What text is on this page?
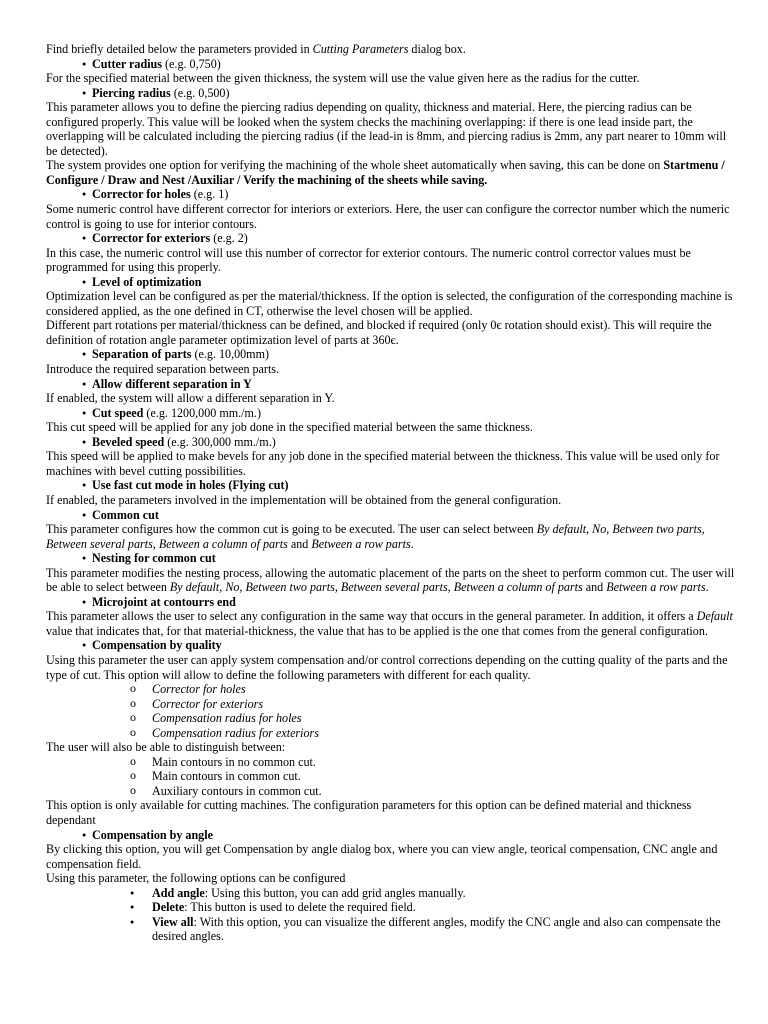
Find briefly detailed below the parameters provided in Cutting Parameters dialog box.

● Cutter radius (e.g. 0,750)

For the specified material between the given thickness, the system will use the value given here as the radius for the cutter.

● Piercing radius (e.g. 0,500)

This parameter allows you to define the piercing radius depending on quality, thickness and material. Here, the piercing radius can be configured properly. This value will be looked when the system checks the machining overlapping: if there is one lead inside part, the overlapping will be calculated including the piercing radius (if the lead-in is 8mm, and piercing radius is 2mm, any part nearer to 10mm will be detected).

The system provides one option for verifying the machining of the whole sheet automatically when saving, this can be done on Startmenu / Configure / Draw and Nest /Auxiliar / Verify the machining of the sheets while saving.

● Corrector for holes (e.g. 1)

Some numeric control have different corrector for interiors or exteriors. Here, the user can configure the corrector number which the numeric control is going to use for interior contours.

● Corrector for exteriors (e.g. 2)

In this case, the numeric control will use this number of corrector for exterior contours. The numeric control corrector values must be programmed for using this properly.

● Level of optimization

Optimization level can be configured as per the material/thickness. If the option is selected, the configuration of the corresponding machine is considered applied, as the one defined in CT, otherwise the level chosen will be applied.

Different part rotations per material/thickness can be defined, and blocked if required (only 0є rotation should exist). This will require the definition of rotation angle parameter optimization level of parts at 360є.

● Separation of parts (e.g. 10,00mm)

Introduce the required separation between parts.

● Allow different separation in Y

If enabled, the system will allow a different separation in Y.

● Cut speed (e.g. 1200,000 mm./m.)

This cut speed will be applied for any job done in the specified material between the same thickness.

● Beveled speed (e.g. 300,000 mm./m.)

This speed will be applied to make bevels for any job done in the specified material between the thickness. This value will be used only for machines with bevel cutting possibilities.

● Use fast cut mode in holes (Flying cut)

If enabled, the parameters involved in the implementation will be obtained from the general configuration.

● Common cut

This parameter configures how the common cut is going to be executed. The user can select between By default, No, Between two parts, Between several parts, Between a column of parts and Between a row parts.

● Nesting for common cut

This parameter modifies the nesting process, allowing the automatic placement of the parts on the sheet to perform common cut. The user will be able to select between By default, No, Between two parts, Between several parts, Between a column of parts and Between a row parts.

● Microjoint at contourrs end

This parameter allows the user to select any configuration in the same way that occurs in the general parameter. In addition, it offers a Default value that indicates that, for that material-thickness, the value that has to be applied is the one that comes from the general configuration.

● Compensation by quality

Using this parameter the user can apply system compensation and/or control corrections depending on the cutting quality of the parts and the type of cut. This option will allow to define the following parameters with different for each quality.

o Corrector for holes

o Corrector for exteriors

o Compensation radius for holes

o Compensation radius for exteriors

The user will also be able to distinguish between:

o Main contours in no common cut.

o Main contours in common cut.

o Auxiliary contours in common cut.

This option is only available for cutting machines. The configuration parameters for this option can be defined material and thickness dependant

● Compensation by angle

By clicking this option, you will get Compensation by angle dialog box, where you can view angle, teorical compensation, CNC angle and compensation field.

Using this parameter, the following options can be configured

● Add angle: Using this button, you can add grid angles manually.

● Delete: This button is used to delete the required field.

● View all: With this option, you can visualize the different angles, modify the CNC angle and also can compensate the desired angles.
